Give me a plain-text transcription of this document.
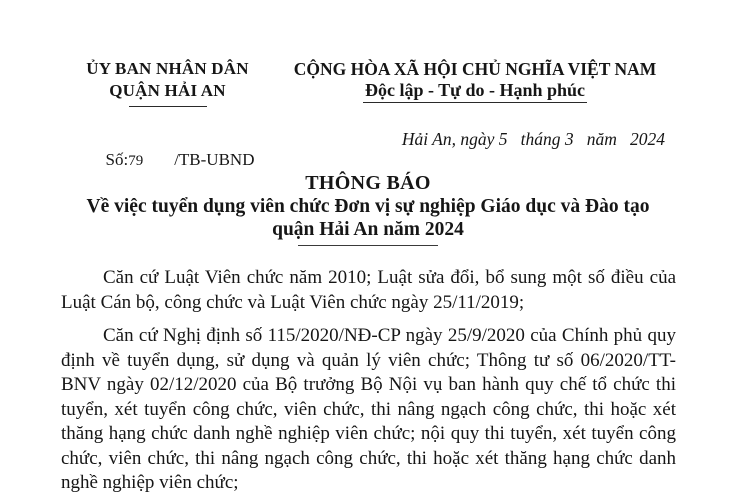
ỦY BAN NHÂN DÂN
QUẬN HẢI AN
CỘNG HÒA XÃ HỘI CHỦ NGHĨA VIỆT NAM
Độc lập - Tự do - Hạnh phúc

Số:79 /TB-UBND

Hải An, ngày 5   tháng 3   năm   2024
THÔNG BÁO
Về việc tuyển dụng viên chức Đơn vị sự nghiệp Giáo dục và Đào tạo
quận Hải An năm 2024

Căn cứ Luật Viên chức năm 2010; Luật sửa đổi, bổ sung một số điều của Luật Cán bộ, công chức và Luật Viên chức ngày 25/11/2019;

Căn cứ Nghị định số 115/2020/NĐ-CP ngày 25/9/2020 của Chính phủ quy định về tuyển dụng, sử dụng và quản lý viên chức; Thông tư số 06/2020/TT-BNV ngày 02/12/2020 của Bộ trưởng Bộ Nội vụ ban hành quy chế tổ chức thi tuyển, xét tuyển công chức, viên chức, thi nâng ngạch công chức, thi hoặc xét thăng hạng chức danh nghề nghiệp viên chức; nội quy thi tuyển, xét tuyển công chức, viên chức, thi nâng ngạch công chức, thi hoặc xét thăng hạng chức danh nghề nghiệp viên chức;
